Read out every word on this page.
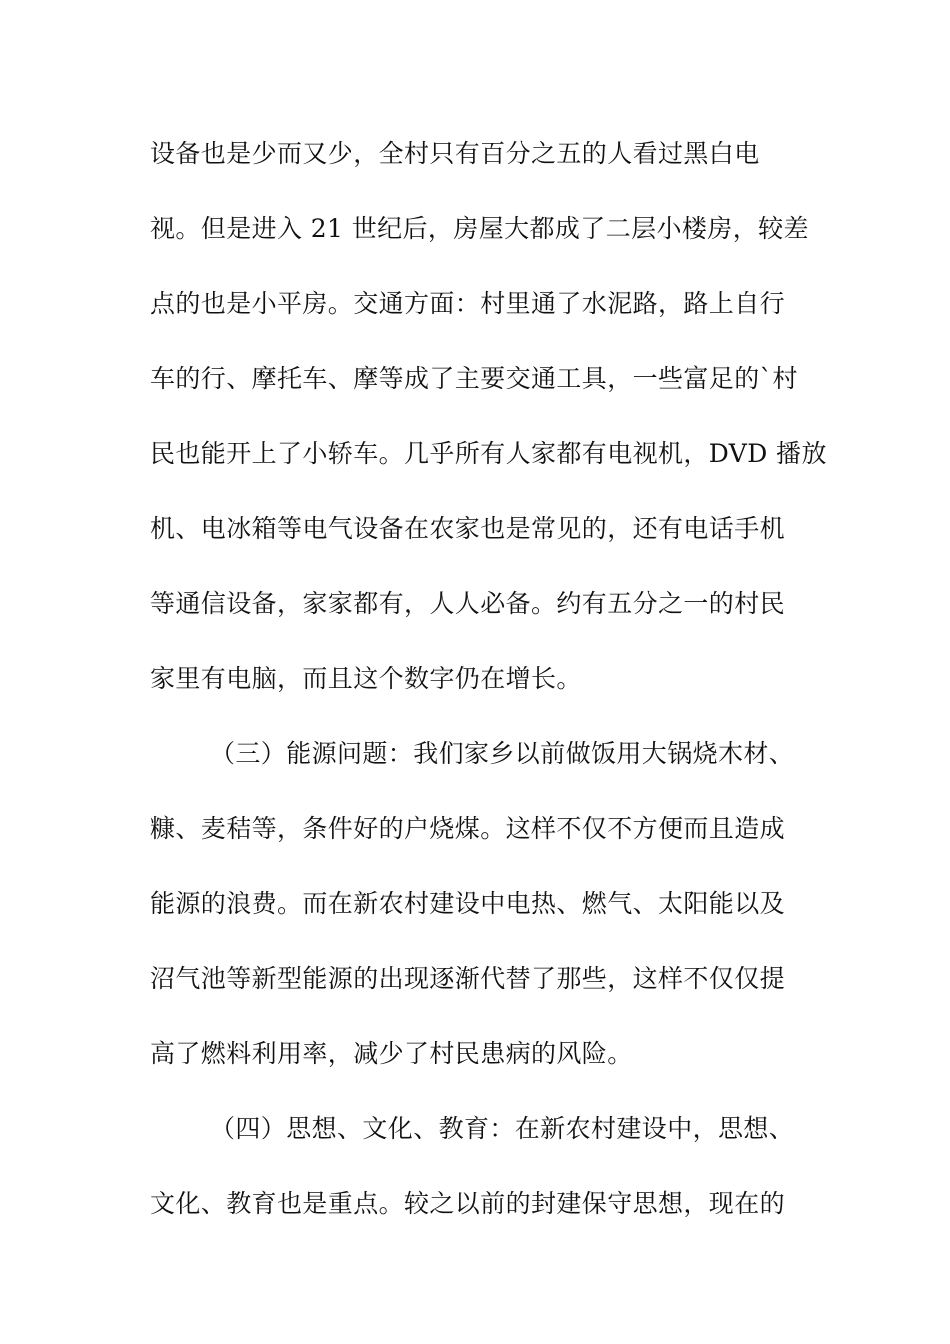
设备也是少而又少，全村只有百分之五的人看过黑白电
视。但是进入 21 世纪后，房屋大都成了二层小楼房，较差
点的也是小平房。交通方面：村里通了水泥路，路上自行
车的行、摩托车、摩等成了主要交通工具，一些富足的`村
民也能开上了小轿车。几乎所有人家都有电视机，DVD 播放
机、电冰箱等电气设备在农家也是常见的，还有电话手机
等通信设备，家家都有，人人必备。约有五分之一的村民
家里有电脑，而且这个数字仍在增长。
（三）能源问题：我们家乡以前做饭用大锅烧木材、
糠、麦秸等，条件好的户烧煤。这样不仅不方便而且造成
能源的浪费。而在新农村建设中电热、燃气、太阳能以及
沼气池等新型能源的出现逐渐代替了那些，这样不仅仅提
高了燃料利用率，减少了村民患病的风险。
（四）思想、文化、教育：在新农村建设中，思想、
文化、教育也是重点。较之以前的封建保守思想，现在的
